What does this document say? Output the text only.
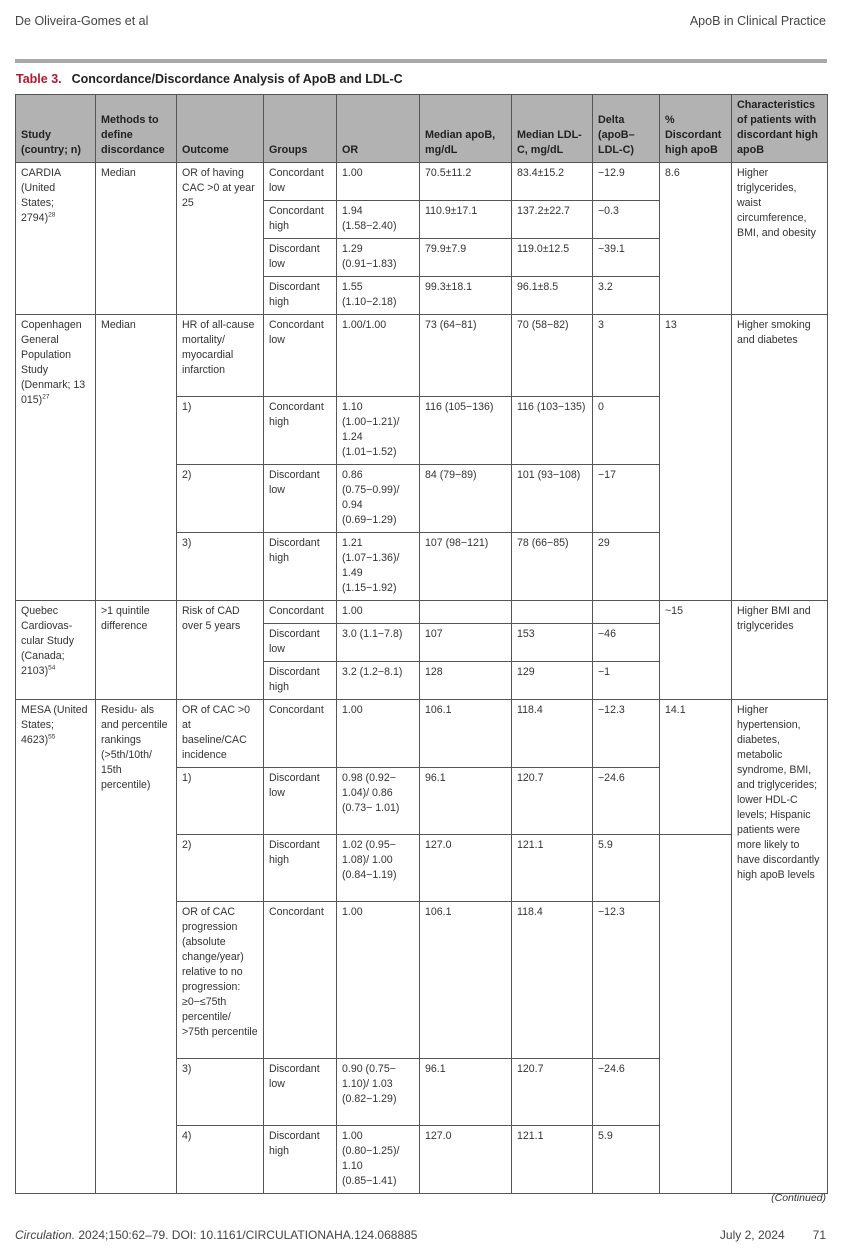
De Oliveira-Gomes et al	ApoB in Clinical Practice
Table 3. Concordance/Discordance Analysis of ApoB and LDL-C
Study (country; n)	Methods to define discordance	Outcome	Groups	OR	Median apoB, mg/dL	Median LDL-C, mg/dL	Delta (apoB– LDL-C)	% Discordant high apoB	Characteristics of patients with discordant high apoB
CARDIA (United States; 2794)$^{28}$	Median	OR of having CAC >0 at year 25	Concordant low	1.00	70.5±11.2	83.4±15.2	−12.9	8.6	Higher triglycerides, waist circumference, BMI, and obesity
			Concordant high	1.94 (1.58−2.40)	110.9±17.1	137.2±22.7	−0.3		
			Discordant low	1.29 (0.91−1.83)	79.9±7.9	119.0±12.5	−39.1		
			Discordant high	1.55 (1.10−2.18)	99.3±18.1	96.1±8.5	3.2		
Copenhagen General Population Study (Denmark; 13 015)$^{27}$	Median	HR of all-cause mortality/ myocardial infarction	Concordant low	1.00/1.00	73 (64−81)	70 (58−82)	3	13	Higher smoking and diabetes
		1)	Concordant high	1.10 (1.00−1.21)/ 1.24 (1.01−1.52)	116 (105−136)	116 (103−135)	0		
		2)	Discordant low	0.86 (0.75−0.99)/ 0.94 (0.69−1.29)	84 (79−89)	101 (93−108)	−17		
		3)	Discordant high	1.21 (1.07−1.36)/ 1.49 (1.15−1.92)	107 (98−121)	78 (66−85)	29		
Quebec Cardiovas- cular Study (Canada; 2103)$^{54}$	>1 quintile difference	Risk of CAD over 5 years	Concordant	1.00				~15	Higher BMI and triglycerides
			Discordant low	3.0 (1.1−7.8)	107	153	−46		
			Discordant high	3.2 (1.2−8.1)	128	129	−1		
MESA (United States; 4623)$^{55}$	Residu- als and percentile rankings (>5th/10th/ 15th percentile)	OR of CAC >0 at baseline/CAC incidence	Concordant	1.00	106.1	118.4	−12.3	14.1	Higher hypertension, diabetes, metabolic syndrome, BMI, and triglycerides; lower HDL-C levels; Hispanic patients were more likely to have discordantly high apoB levels
		1)	Discordant low	0.98 (0.92− 1.04)/ 0.86 (0.73− 1.01)	96.1	120.7	−24.6		
		2)	Discordant high	1.02 (0.95− 1.08)/ 1.00 (0.84−1.19)	127.0	121.1	5.9		
		OR of CAC progression (absolute change/year) relative to no progression: ≥0−≤75th percentile/ >75th percentile	Concordant	1.00	106.1	118.4	−12.3		
		3)	Discordant low	0.90 (0.75− 1.10)/ 1.03 (0.82−1.29)	96.1	120.7	−24.6		
		4)	Discordant high	1.00 (0.80−1.25)/ 1.10 (0.85−1.41)	127.0	121.1	5.9		
(Continued)
Circulation. 2024;150:62–79. DOI: 10.1161/CIRCULATIONAHA.124.068885	July 2, 2024 71
